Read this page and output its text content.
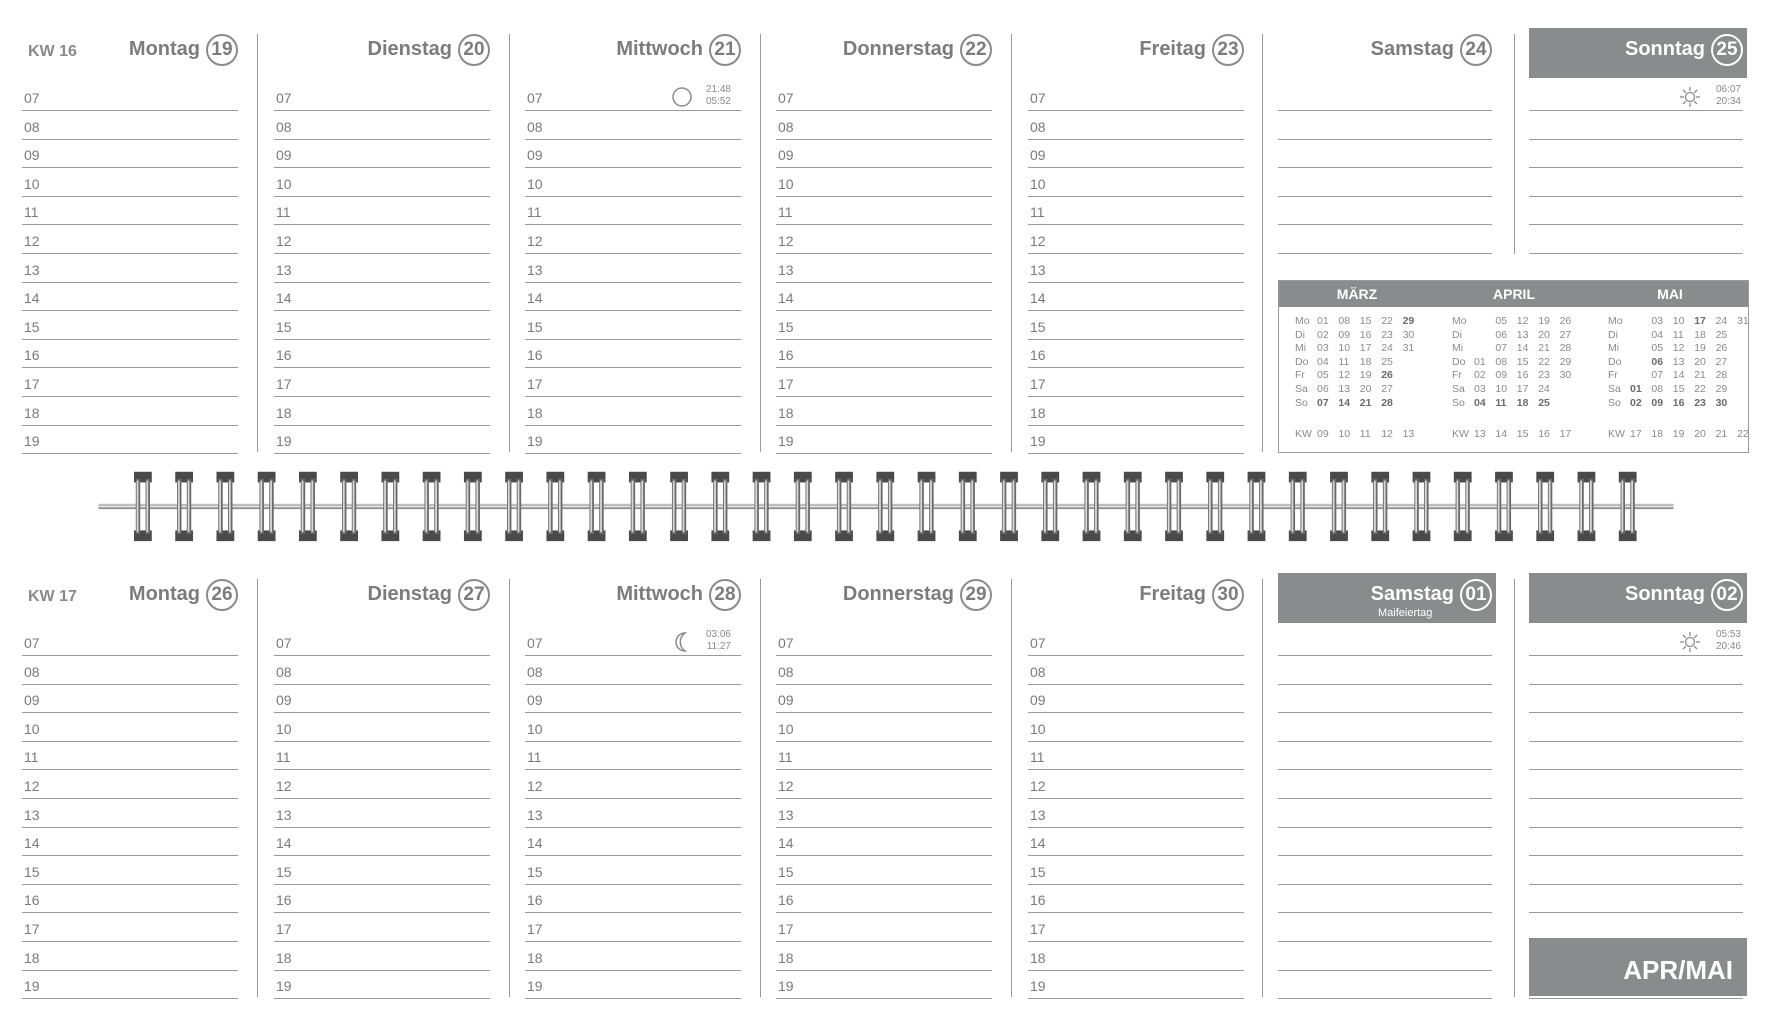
KW 16	19
Montag
07
08
09
10
11
12
13
14
15
16
17
18
19
20
Dienstag
07
08
09
10
11
12
13
14
15
16
17
18
19
21
Mittwoch
07
08
09
10
11
12
13
14
15
16
17
18
19
22
Donnerstag
07
08
09
10
11
12
13
14
15
16
17
18
19
23
Freitag
07
08
09
10
11
12
13
14
15
16
17
18
19
24
Samstag	25
Sonntag
21:48
05:52
06:07
20:34
KW 17	26
Montag
07
08
09
10
11
12
13
14
15
16
17
18
19
27
Dienstag
07
08
09
10
11
12
13
14
15
16
17
18
19
28
Mittwoch
07
08
09
10
11
12
13
14
15
16
17
18
19
29
Donnerstag
07
08
09
10
11
12
13
14
15
16
17
18
19
30
Freitag
07
08
09
10
11
12
13
14
15
16
17
18
19
01
Samstag
Maifeiertag
02
Sonntag
03:06
11:27
05:53
20:46
MÄRZ	APRIL	MAI
Mo 01 08 15 22 29
Di 02 09 16 23 30
Mi 03 10 17 24 31
Do 04 11 18 25
Fr 05 12 19 26
Sa 06 13 20 27
So 07 14 21 28
KW 09 10 11 12 13
Mo	05 12 19 26
Di	06 13 20 27
Mi	07 14 21 28
Do 01 08 15 22 29
Fr 02 09 16 23 30
Sa 03 10 17 24
So 04 11 18 25
KW 13 14 15 16 17
Mo	03 10 17 24 31
Di	04 11 18 25
Mi	05 12 19 26
Do	06 13 20 27
Fr	07 14 21 28
Sa 01 08 15 22 29
So 02 09 16 23 30
KW 17 18 19 20 21 22
APR/MAI
